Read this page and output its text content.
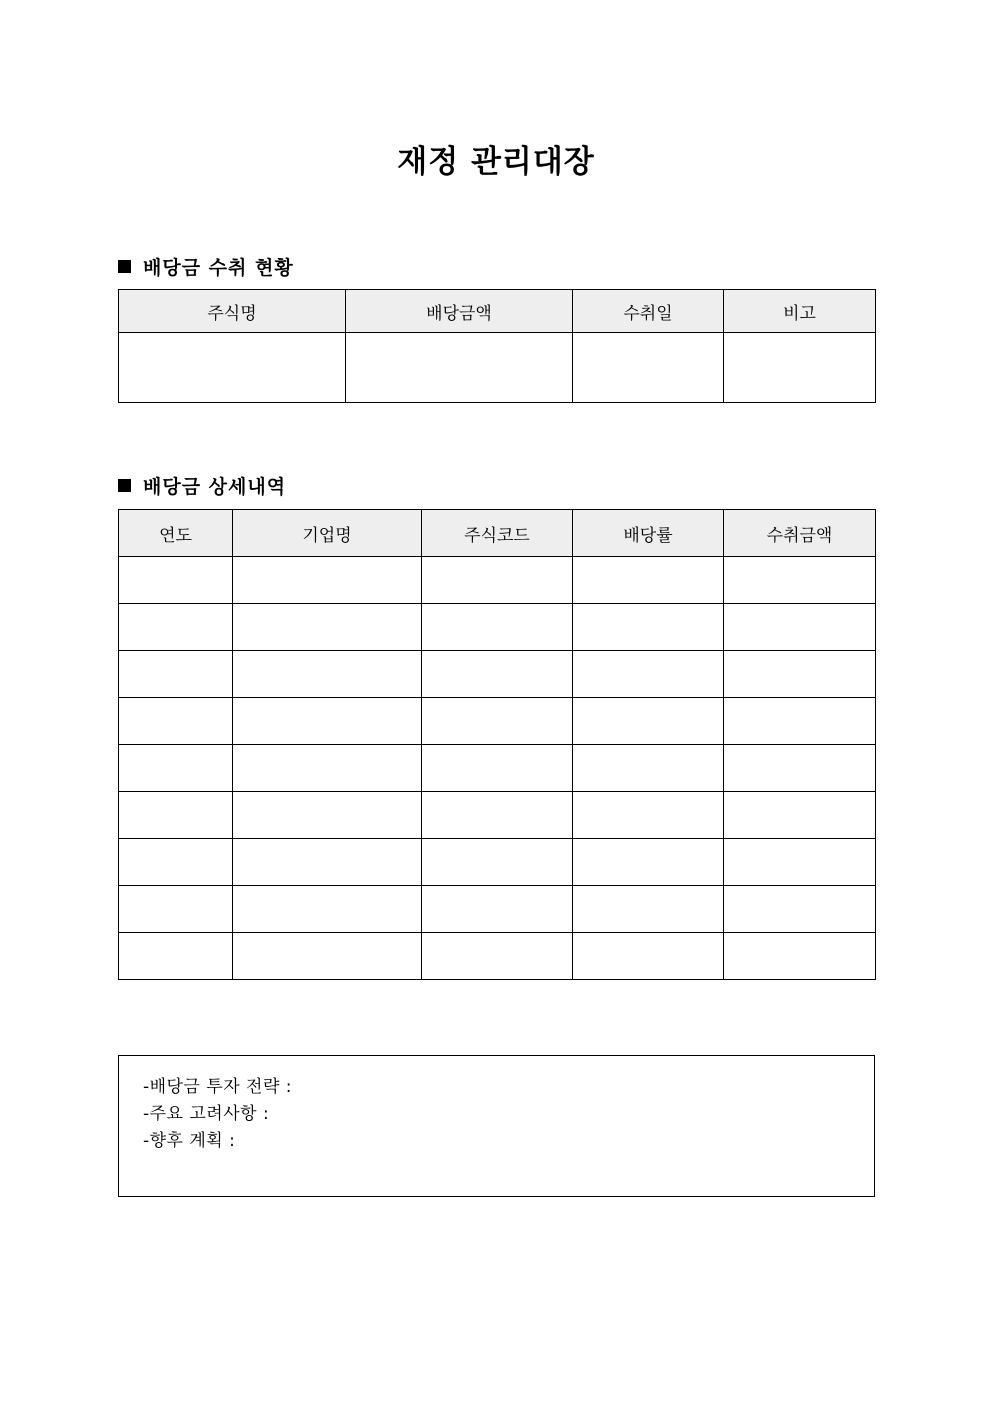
재정 관리대장
배당금 수취 현황
주식명	배당금액	수취일	비고

배당금 상세내역
연도	기업명	주식코드	배당률	수취금액

-배당금 투자 전략 :
-주요 고려사항 :
-향후 계획 :
